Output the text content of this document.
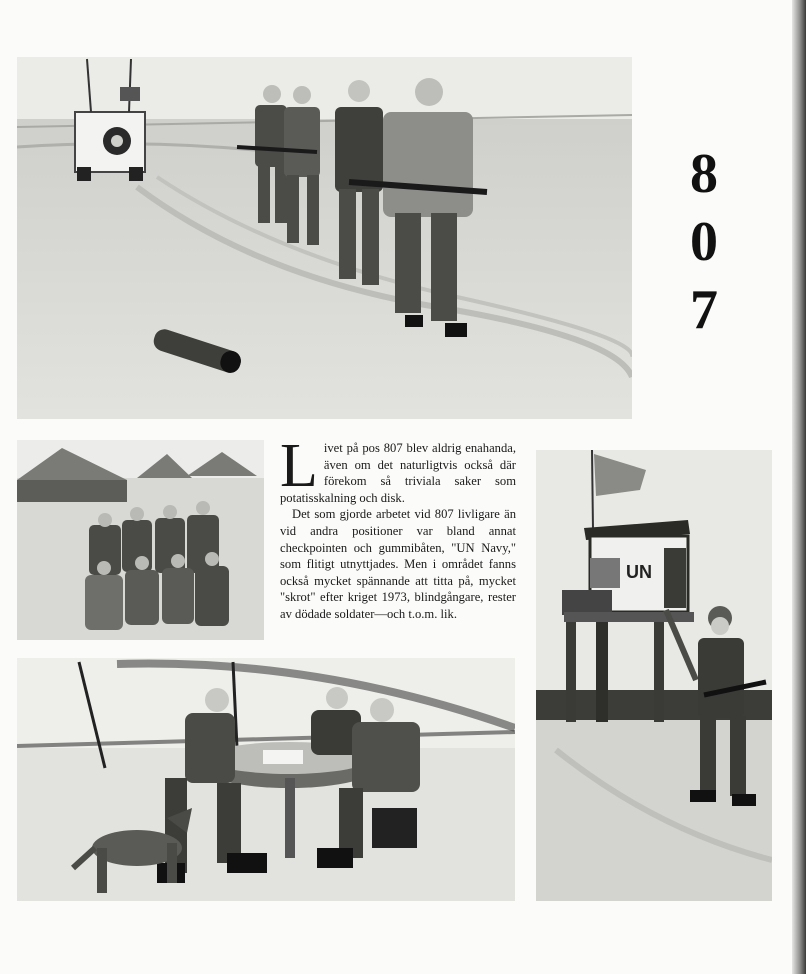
8
0
7

Livet på pos 807 blev aldrig enahanda, även om det naturligtvis också där förekom så triviala saker som potatisskalning och disk.

Det som gjorde arbetet vid 807 livligare än vid andra positioner var bland annat checkpointen och gummibåten, "UN Navy," som flitigt utnyttjades. Men i området fanns också mycket spännande att titta på, mycket "skrot" efter kriget 1973, blindgångare, rester av dödade soldater—och t.o.m. lik.

UN
